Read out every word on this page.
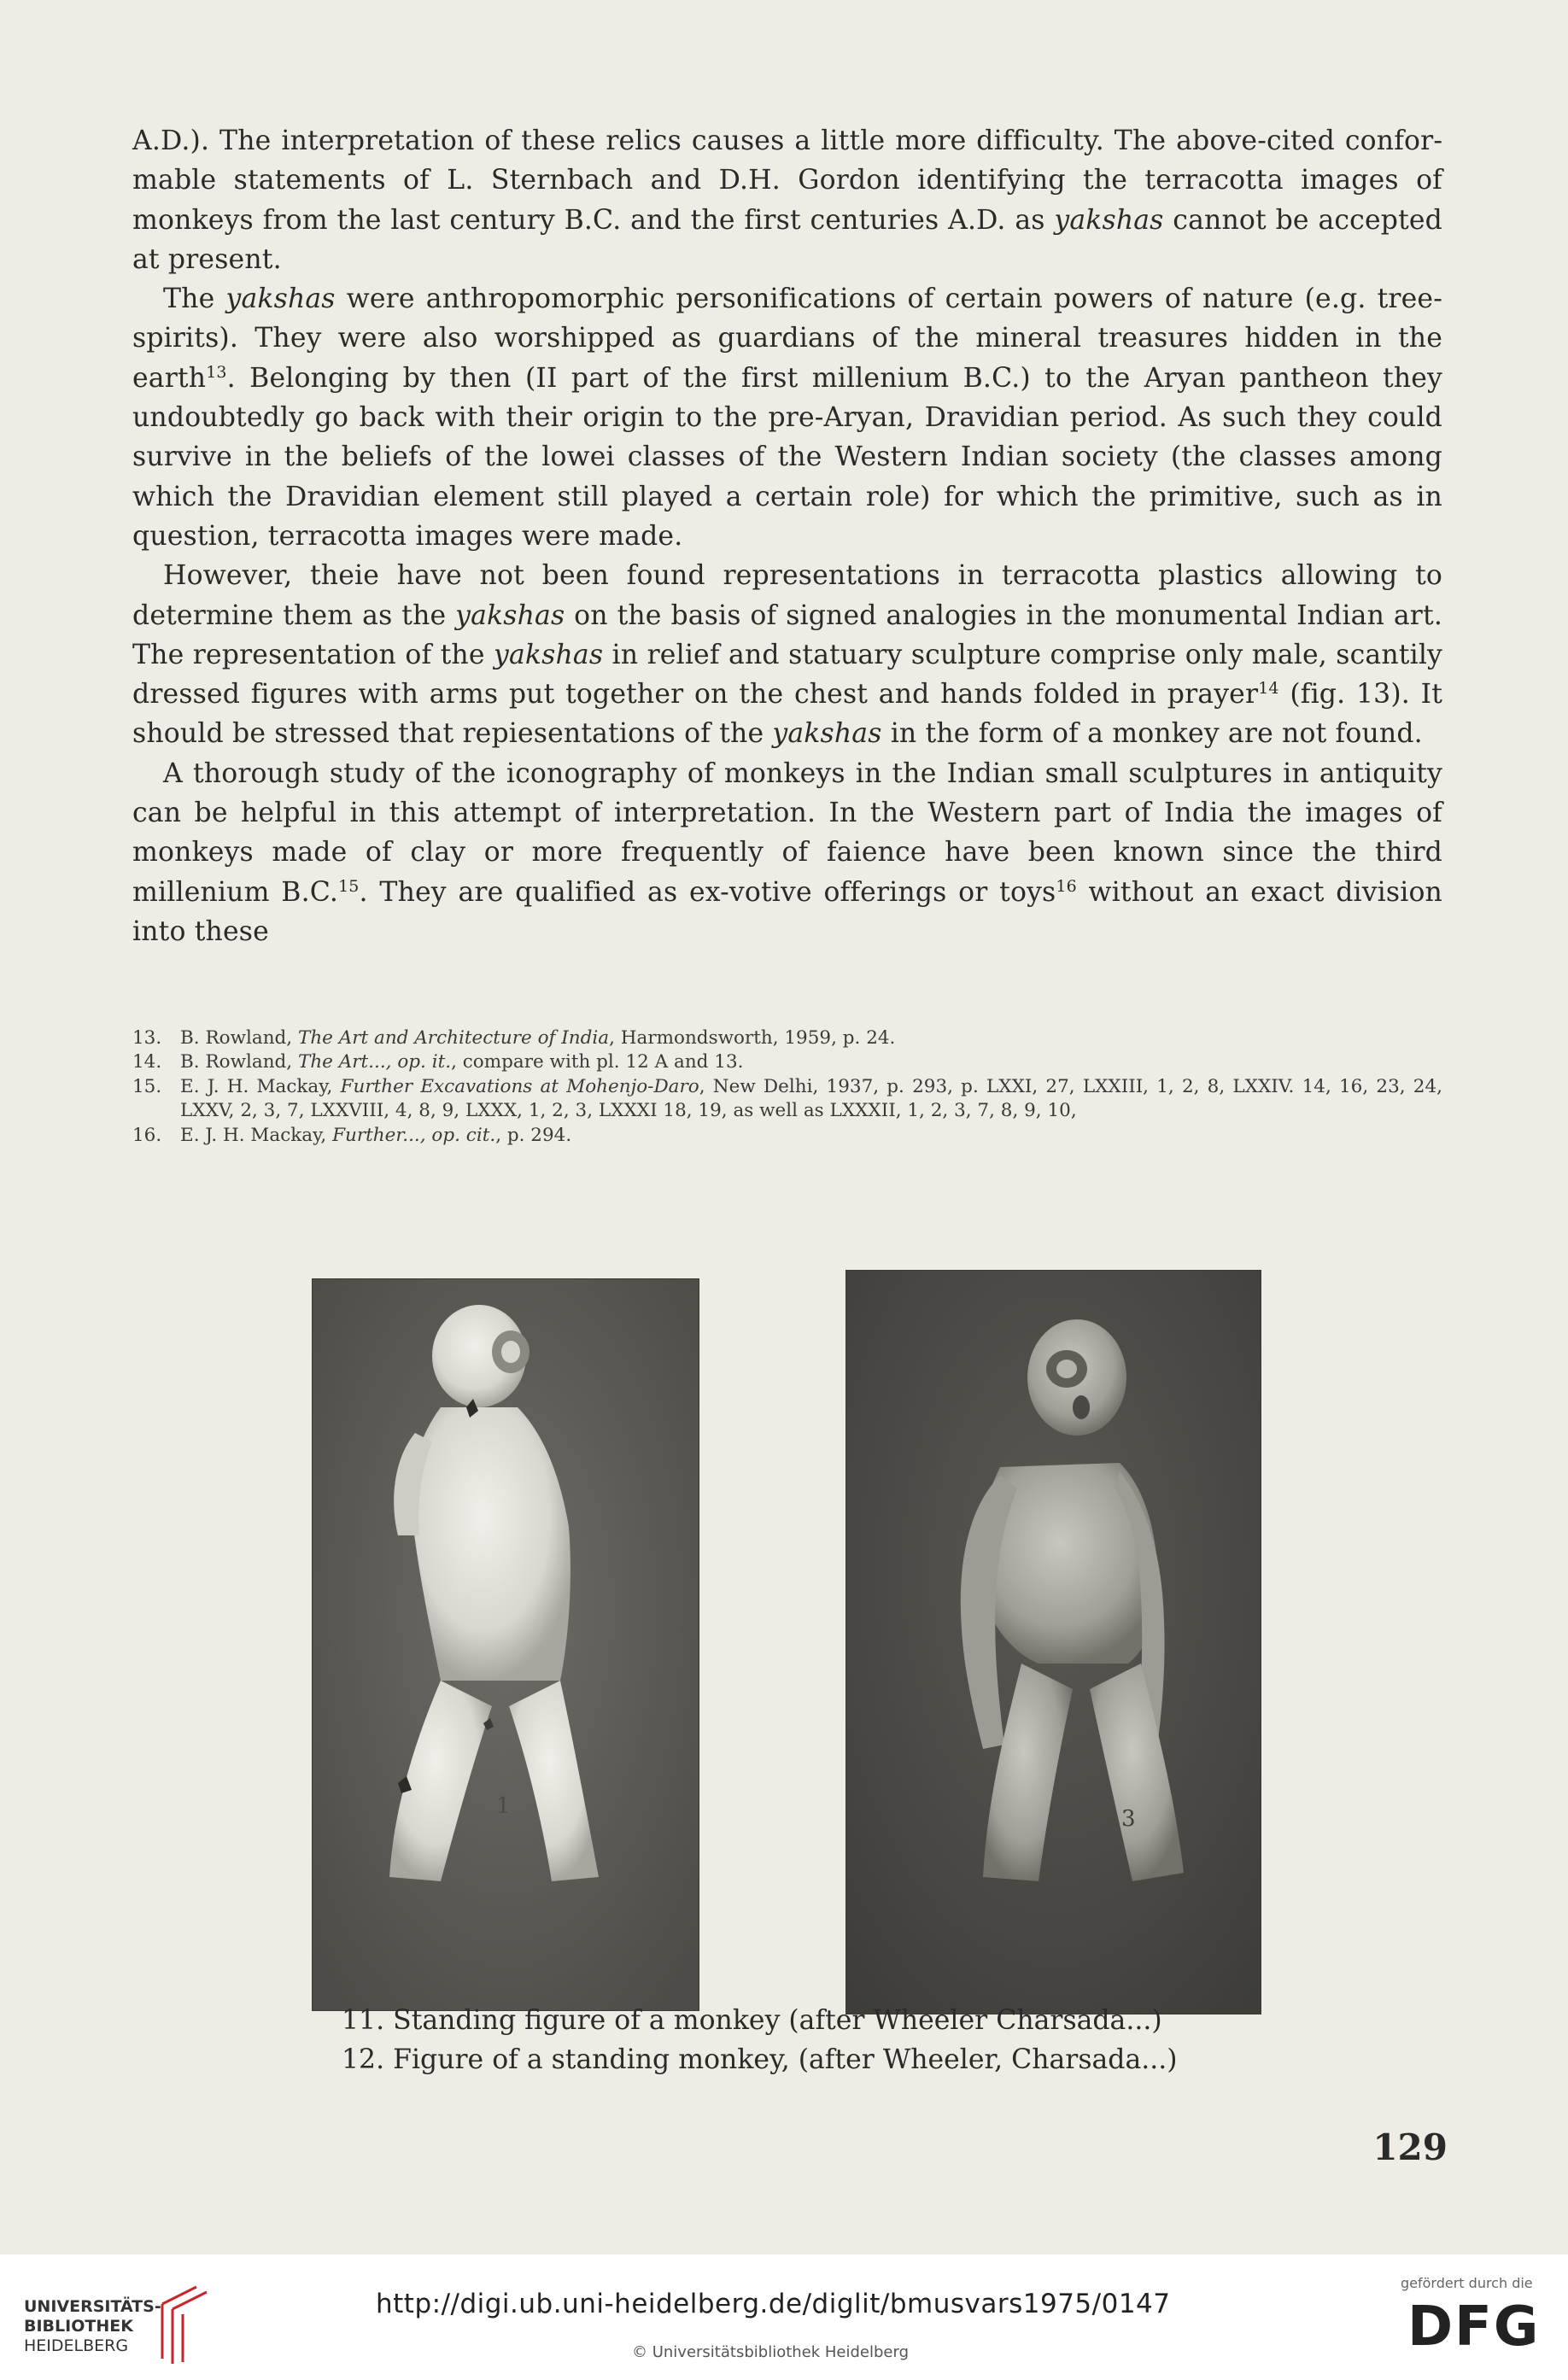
A.D.). The interpretation of these relics causes a little more difficulty. The above-cited conformable statements of L. Sternbach and D.H. Gordon identifying the terracotta images of monkeys from the last century B.C. and the first centuries A.D. as yakshas cannot be accepted at present.

The yakshas were anthropomorphic personifications of certain powers of nature (e.g. tree-spirits). They were also worshipped as guardians of the mineral treasures hidden in the earth$^{13}$. Belonging by then (II part of the first millenium B.C.) to the Aryan pantheon they undoubtedly go back with their origin to the pre-Aryan, Dravidian period. As such they could survive in the beliefs of the lowei classes of the Western Indian society (the classes among which the Dravidian element still played a certain role) for which the primitive, such as in question, terracotta images were made.

However, theie have not been found representations in terracotta plastics allowing to determine them as the yakshas on the basis of signed analogies in the monumental Indian art. The representation of the yakshas in relief and statuary sculpture comprise only male, scantily dressed figures with arms put together on the chest and hands folded in prayer$^{14}$ (fig. 13). It should be stressed that repiesentations of the yakshas in the form of a monkey are not found.

A thorough study of the iconography of monkeys in the Indian small sculptures in antiquity can be helpful in this attempt of interpretation. In the Western part of India the images of monkeys made of clay or more frequently of faience have been known since the third millenium B.C.$^{15}$. They are qualified as ex-votive offerings or toys$^{16}$ without an exact division into these

13. B. Rowland, The Art and Architecture of India, Harmondsworth, 1959, p. 24.
14. B. Rowland, The Art..., op. it., compare with pl. 12 A and 13.
15. E. J. H. Mackay, Further Excavations at Mohenjo-Daro, New Delhi, 1937, p. 293, p. LXXI, 27, LXXIII, 1, 2, 8, LXXIV. 14, 16, 23, 24, LXXV, 2, 3, 7, LXXVIII, 4, 8, 9, LXXX, 1, 2, 3, LXXXI 18, 19, as well as LXXXII, 1, 2, 3, 7, 8, 9, 10,
16. E. J. H. Mackay, Further..., op. cit., p. 294.
1	3
11. Standing figure of a monkey (after Wheeler Charsada...)
12. Figure of a standing monkey, (after Wheeler, Charsada...)
129
UNIVERSITÄTS-
BIBLIOTHEK
HEIDELBERG
http://digi.ub.uni-heidelberg.de/diglit/bmusvars1975/0147
© Universitätsbibliothek Heidelberg
gefördert durch die
DFG
